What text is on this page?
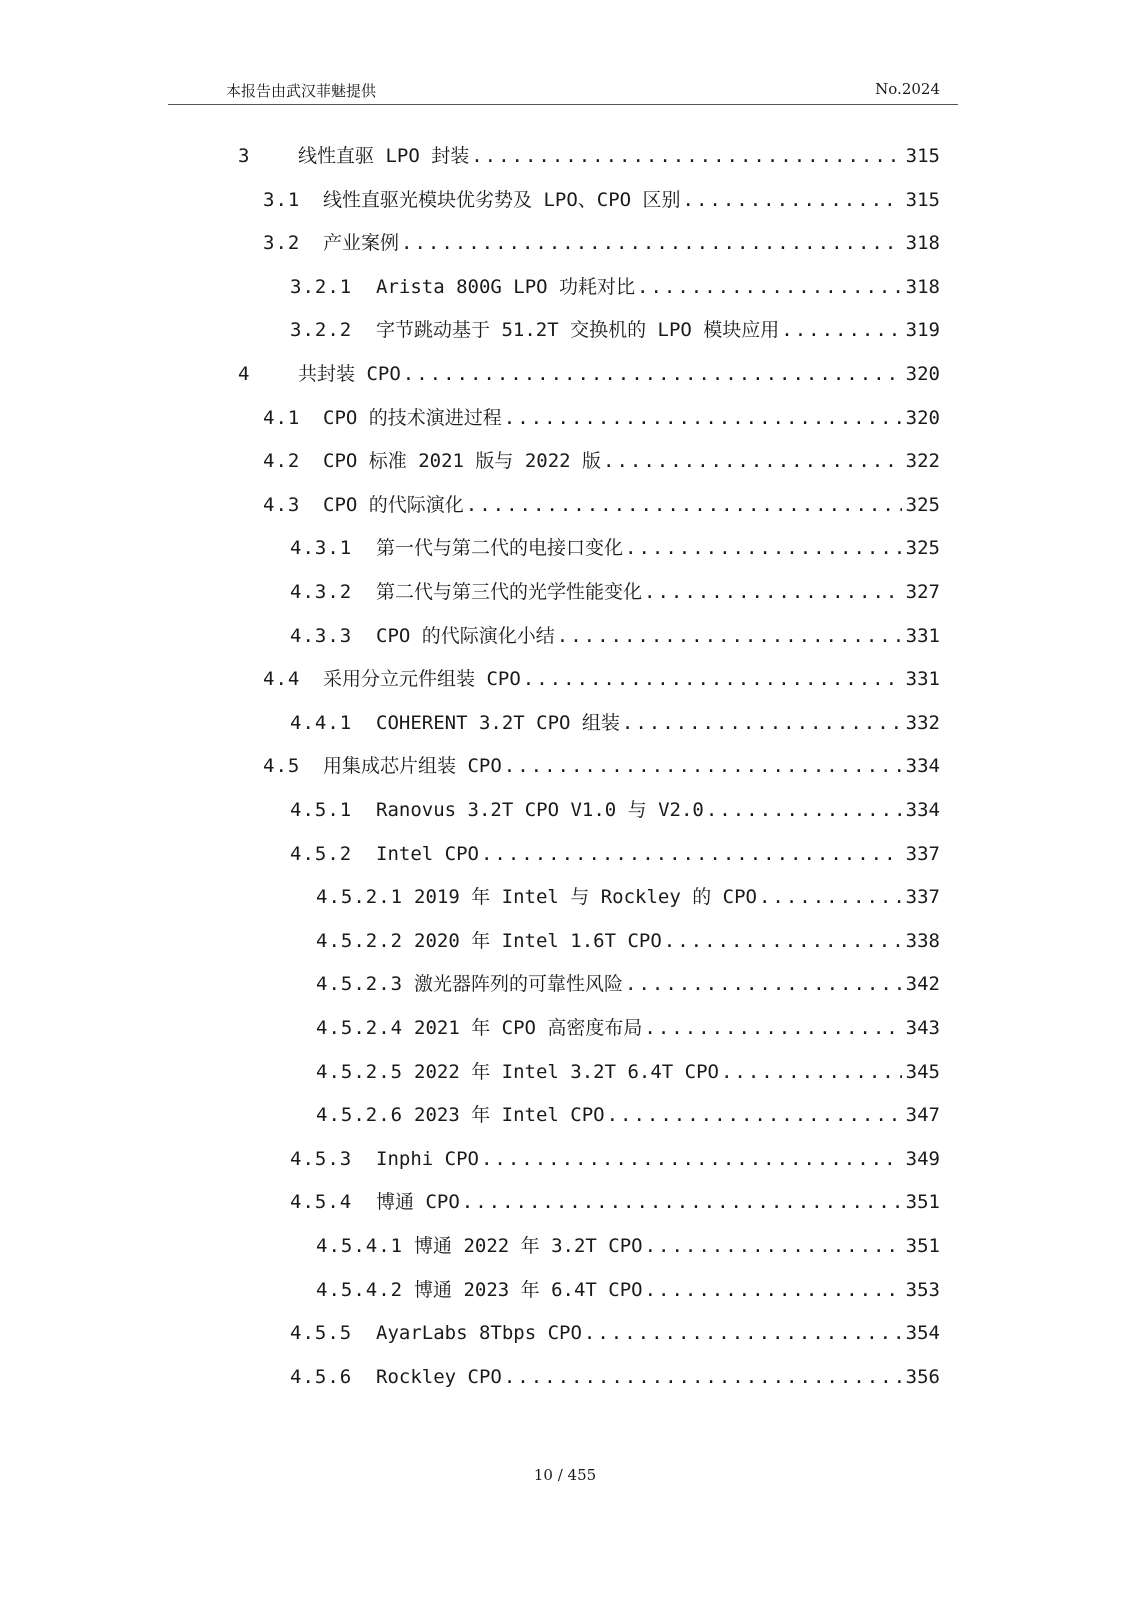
本报告由武汉菲魅提供	No.2024
3	线性直驱 LPO 封装 .....	315
3.1	线性直驱光模块优劣势及 LPO、CPO 区别 .....	315
3.2	产业案例 .....	318
3.2.1	Arista 800G LPO 功耗对比 .....	318
3.2.2	字节跳动基于 51.2T 交换机的 LPO 模块应用 .....	319
4	共封装 CPO .....	320
4.1	CPO 的技术演进过程 .....	320
4.2	CPO 标准 2021 版与 2022 版 .....	322
4.3	CPO 的代际演化 .....	325
4.3.1	第一代与第二代的电接口变化 .....	325
4.3.2	第二代与第三代的光学性能变化 .....	327
4.3.3	CPO 的代际演化小结 .....	331
4.4	采用分立元件组装 CPO .....	331
4.4.1	COHERENT 3.2T CPO 组装 .....	332
4.5	用集成芯片组装 CPO .....	334
4.5.1	Ranovus 3.2T CPO V1.0 与 V2.0 .....	334
4.5.2	Intel CPO .....	337
4.5.2.1 2019 年 Intel 与 Rockley 的 CPO .....	337
4.5.2.2 2020 年 Intel 1.6T CPO .....	338
4.5.2.3 激光器阵列的可靠性风险 .....	342
4.5.2.4 2021 年 CPO 高密度布局 .....	343
4.5.2.5 2022 年 Intel 3.2T 6.4T CPO .....	345
4.5.2.6 2023 年 Intel CPO .....	347
4.5.3	Inphi CPO .....	349
4.5.4	博通 CPO .....	351
4.5.4.1 博通 2022 年 3.2T CPO .....	351
4.5.4.2 博通 2023 年 6.4T CPO .....	353
4.5.5	AyarLabs 8Tbps CPO .....	354
4.5.6	Rockley CPO .....	356
10 / 455
